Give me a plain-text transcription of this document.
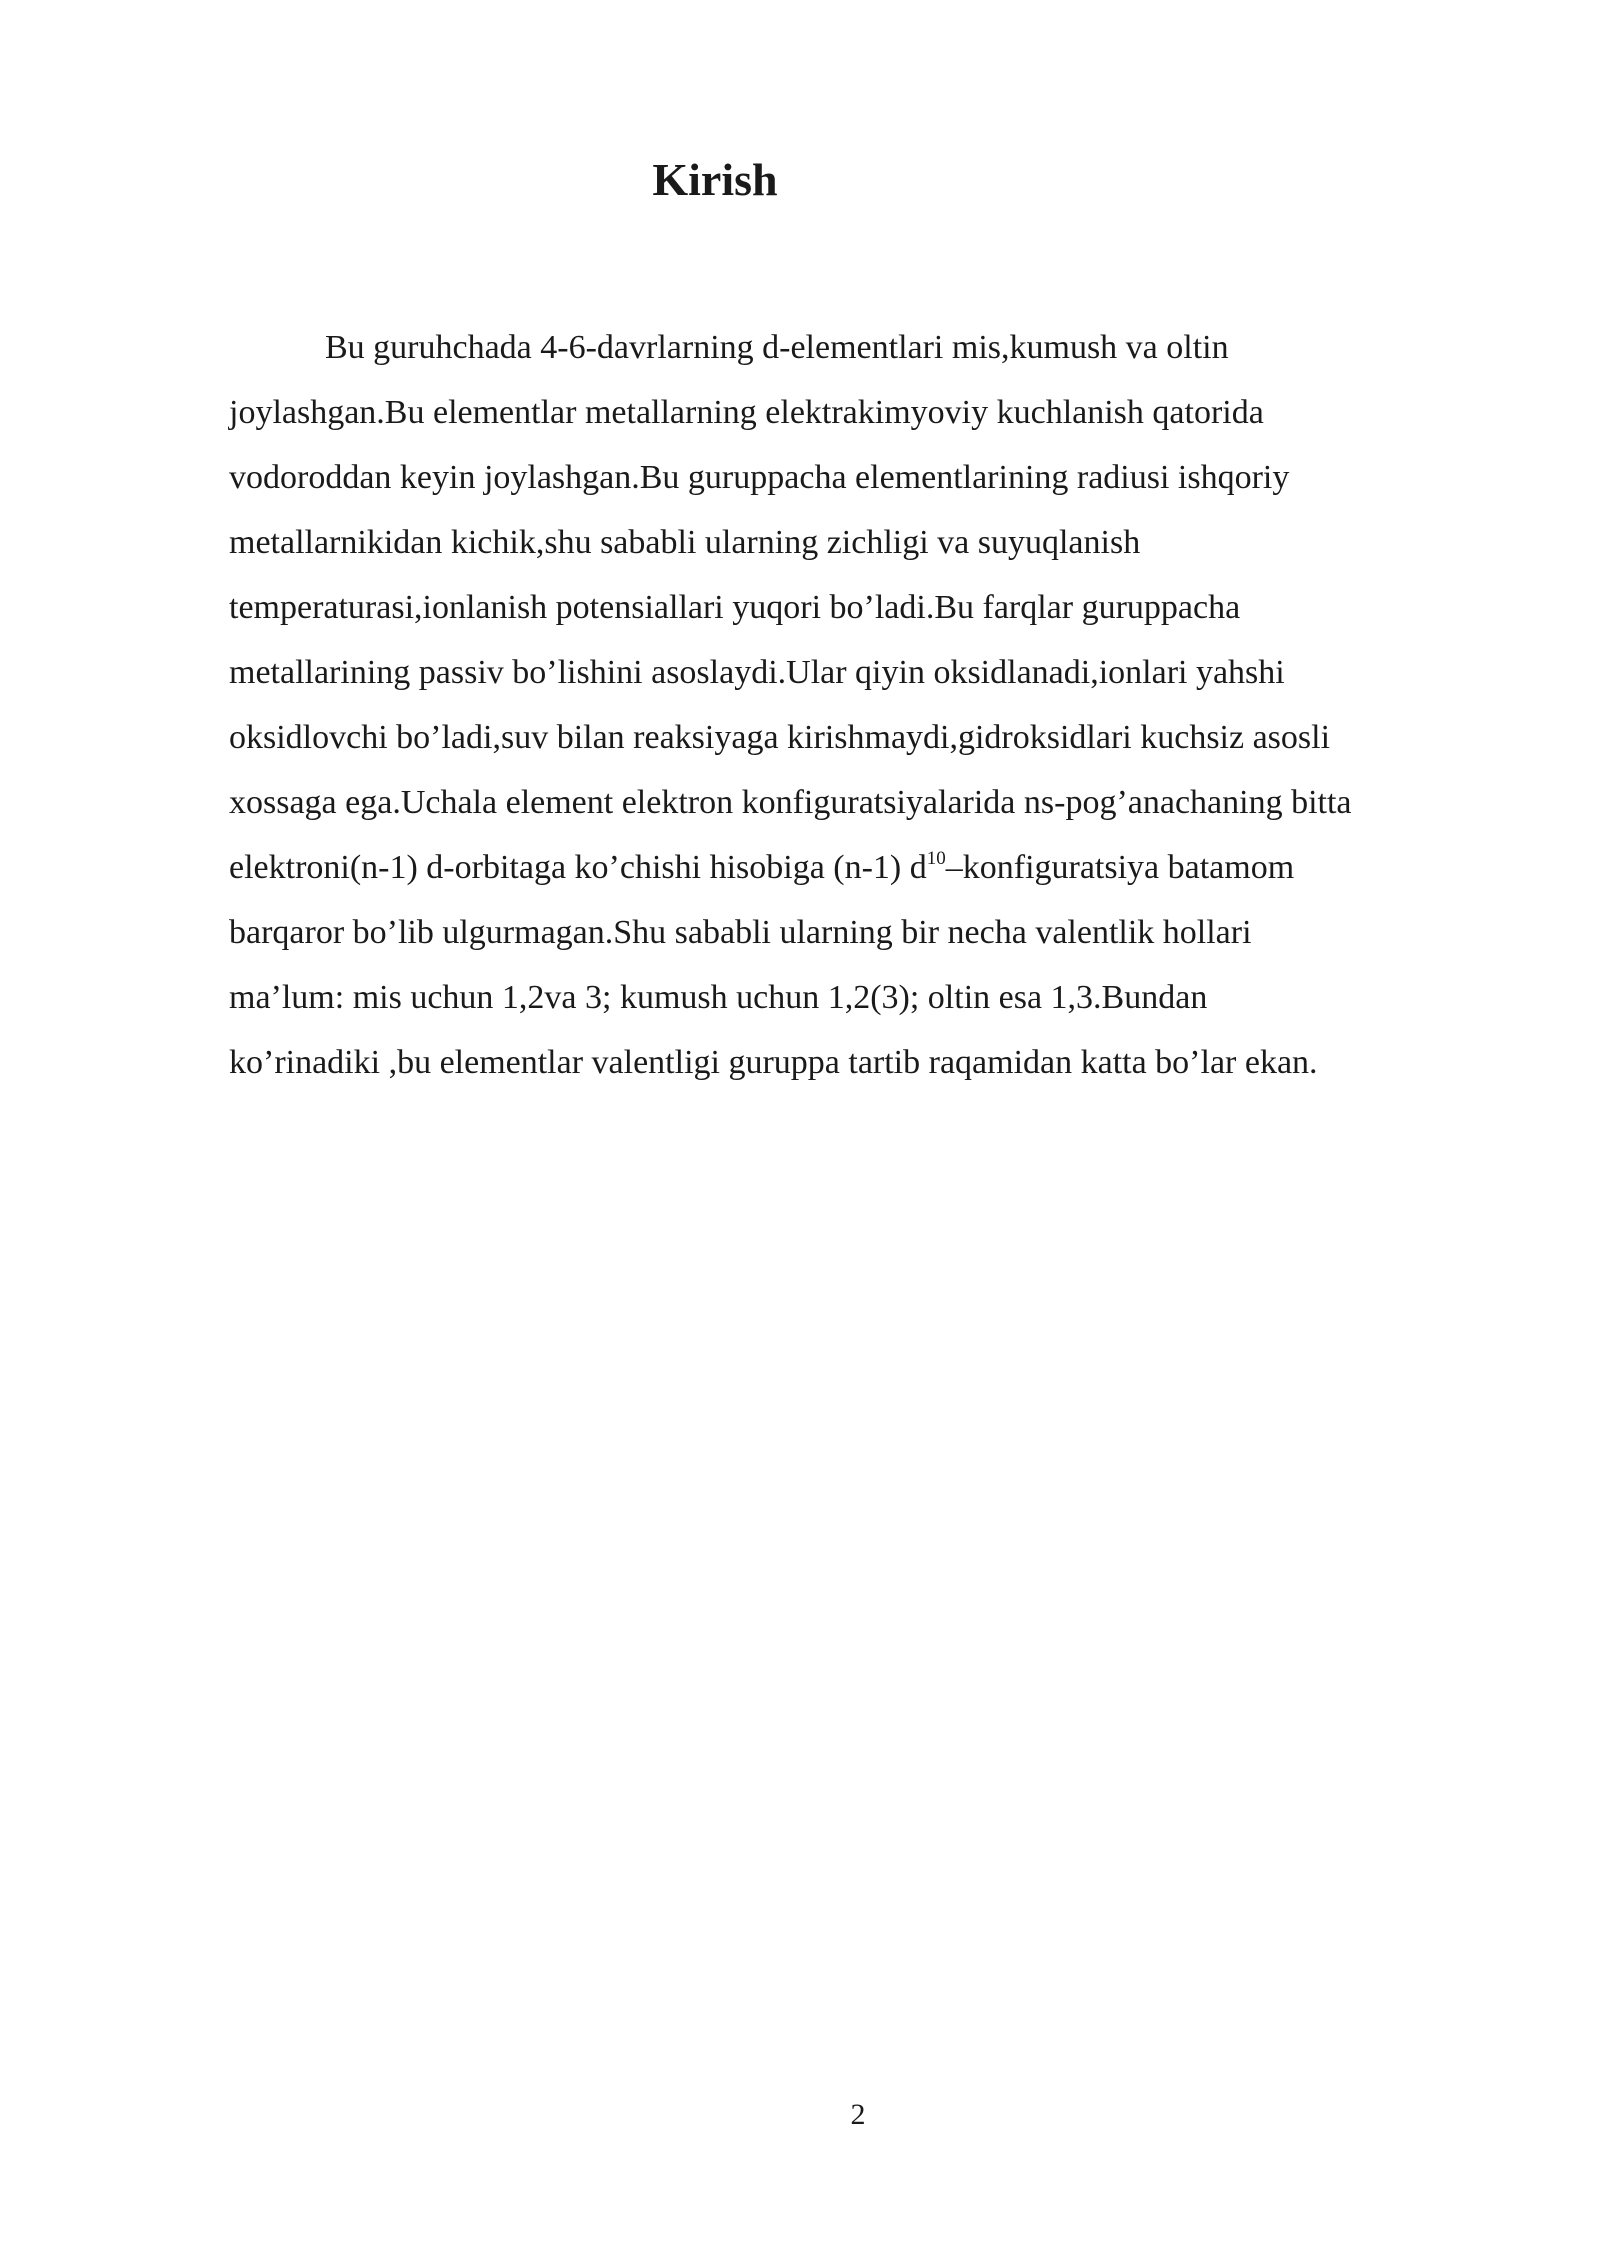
Kirish

Bu guruhchada 4-6-davrlarning d-elementlari mis,kumush va oltin
joylashgan.Bu elementlar metallarning elektrakimyoviy kuchlanish qatorida
vodoroddan keyin joylashgan.Bu guruppacha elementlarining radiusi ishqoriy
metallarnikidan kichik,shu sababli ularning zichligi va suyuqlanish
temperaturasi,ionlanish potensiallari yuqori bo’ladi.Bu farqlar guruppacha
metallarining passiv bo’lishini asoslaydi.Ular qiyin oksidlanadi,ionlari yahshi
oksidlovchi bo’ladi,suv bilan reaksiyaga kirishmaydi,gidroksidlari kuchsiz asosli
xossaga ega.Uchala element elektron konfiguratsiyalarida ns-pog’anachaning bitta
elektroni(n-1) d-orbitaga ko’chishi hisobiga (n-1) $d^{10}$–konfiguratsiya batamom
barqaror bo’lib ulgurmagan.Shu sababli ularning bir necha valentlik hollari
ma’lum: mis uchun 1,2va 3; kumush uchun 1,2(3); oltin esa 1,3.Bundan
ko’rinadiki ,bu elementlar valentligi guruppa tartib raqamidan katta bo’lar ekan.

2
